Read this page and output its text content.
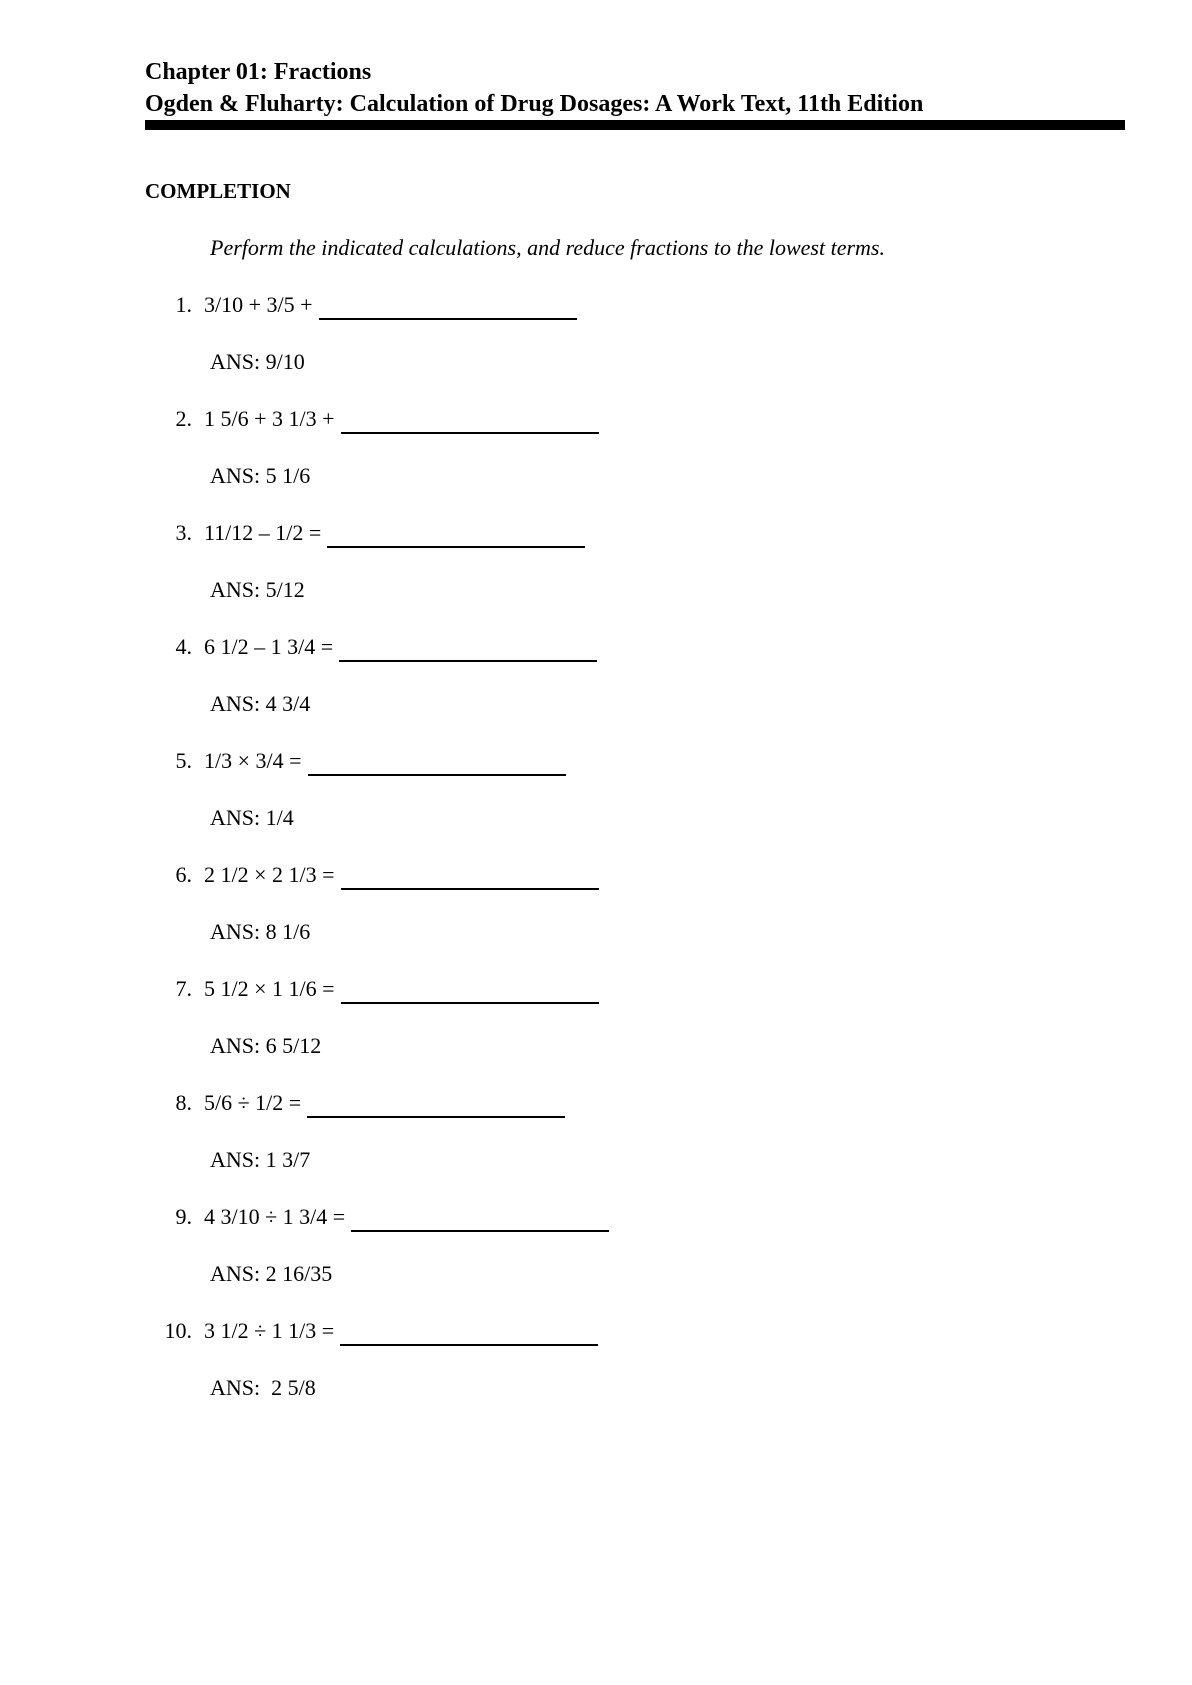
Chapter 01: Fractions
Ogden & Fluharty: Calculation of Drug Dosages: A Work Text, 11th Edition
COMPLETION
Perform the indicated calculations, and reduce fractions to the lowest terms.
1. 3/10 + 3/5 +
ANS: 9/10
2. 1 5/6 + 3 1/3 +
ANS: 5 1/6
3. 11/12 – 1/2 =
ANS: 5/12
4. 6 1/2 – 1 3/4 =
ANS: 4 3/4
5. 1/3 × 3/4 =
ANS: 1/4
6. 2 1/2 × 2 1/3 =
ANS: 8 1/6
7. 5 1/2 × 1 1/6 =
ANS: 6 5/12
8. 5/6 ÷ 1/2 =
ANS: 1 3/7
9. 4 3/10 ÷ 1 3/4 =
ANS: 2 16/35
10. 3 1/2 ÷ 1 1/3 =
ANS:  2 5/8
